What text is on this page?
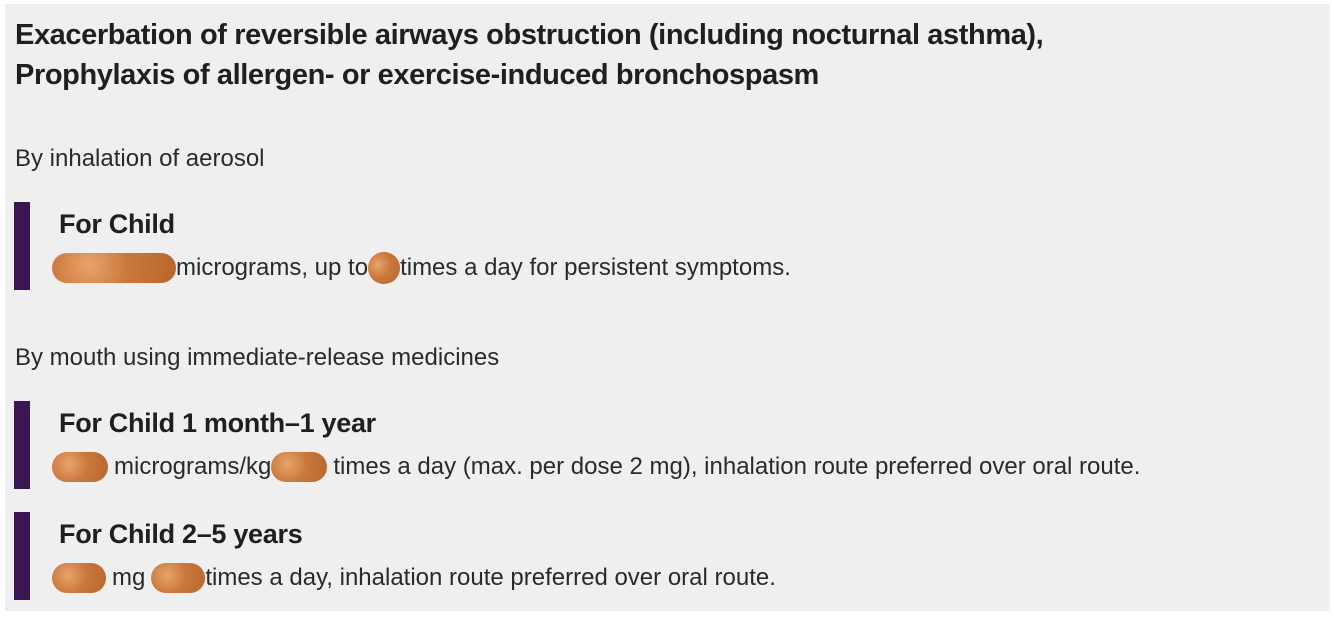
Exacerbation of reversible airways obstruction (including nocturnal asthma),
Prophylaxis of allergen- or exercise-induced bronchospasm
By inhalation of aerosol
For Child
micrograms, up to times a day for persistent symptoms.
By mouth using immediate-release medicines
For Child 1 month–1 year
micrograms/kg	times a day (max. per dose 2 mg), inhalation route preferred over oral route.
For Child 2–5 years
mg	times a day, inhalation route preferred over oral route.
